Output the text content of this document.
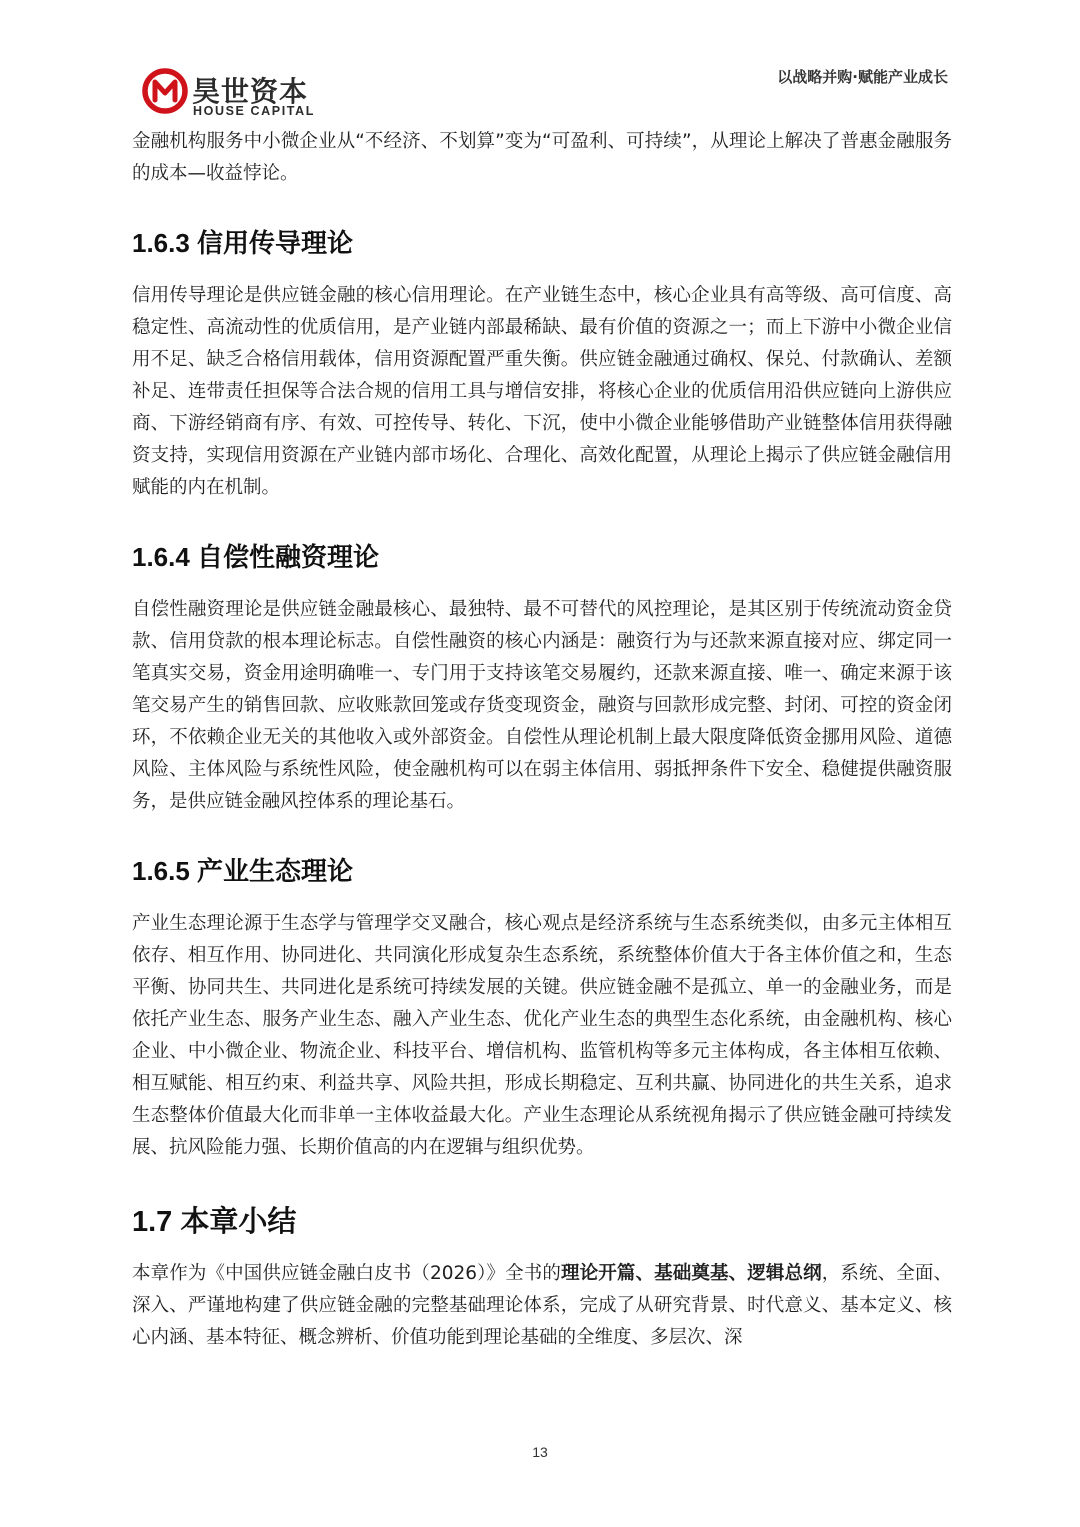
昊世资本
HOUSE CAPITAL
以战略并购·赋能产业成长

金融机构服务中小微企业从“不经济、不划算”变为“可盈利、可持续”，从理论上解决了普惠金融服务的成本—收益悖论。

1.6.3 信用传导理论

信用传导理论是供应链金融的核心信用理论。在产业链生态中，核心企业具有高等级、高可信度、高稳定性、高流动性的优质信用，是产业链内部最稀缺、最有价值的资源之一；而上下游中小微企业信用不足、缺乏合格信用载体，信用资源配置严重失衡。供应链金融通过确权、保兑、付款确认、差额补足、连带责任担保等合法合规的信用工具与增信安排，将核心企业的优质信用沿供应链向上游供应商、下游经销商有序、有效、可控传导、转化、下沉，使中小微企业能够借助产业链整体信用获得融资支持，实现信用资源在产业链内部市场化、合理化、高效化配置，从理论上揭示了供应链金融信用赋能的内在机制。

1.6.4 自偿性融资理论

自偿性融资理论是供应链金融最核心、最独特、最不可替代的风控理论，是其区别于传统流动资金贷款、信用贷款的根本理论标志。自偿性融资的核心内涵是：融资行为与还款来源直接对应、绑定同一笔真实交易，资金用途明确唯一、专门用于支持该笔交易履约，还款来源直接、唯一、确定来源于该笔交易产生的销售回款、应收账款回笼或存货变现资金，融资与回款形成完整、封闭、可控的资金闭环，不依赖企业无关的其他收入或外部资金。自偿性从理论机制上最大限度降低资金挪用风险、道德风险、主体风险与系统性风险，使金融机构可以在弱主体信用、弱抵押条件下安全、稳健提供融资服务，是供应链金融风控体系的理论基石。

1.6.5 产业生态理论

产业生态理论源于生态学与管理学交叉融合，核心观点是经济系统与生态系统类似，由多元主体相互依存、相互作用、协同进化、共同演化形成复杂生态系统，系统整体价值大于各主体价值之和，生态平衡、协同共生、共同进化是系统可持续发展的关键。供应链金融不是孤立、单一的金融业务，而是依托产业生态、服务产业生态、融入产业生态、优化产业生态的典型生态化系统，由金融机构、核心企业、中小微企业、物流企业、科技平台、增信机构、监管机构等多元主体构成，各主体相互依赖、相互赋能、相互约束、利益共享、风险共担，形成长期稳定、互利共赢、协同进化的共生关系，追求生态整体价值最大化而非单一主体收益最大化。产业生态理论从系统视角揭示了供应链金融可持续发展、抗风险能力强、长期价值高的内在逻辑与组织优势。

1.7 本章小结

本章作为《中国供应链金融白皮书（2026）》全书的理论开篇、基础奠基、逻辑总纲，系统、全面、深入、严谨地构建了供应链金融的完整基础理论体系，完成了从研究背景、时代意义、基本定义、核心内涵、基本特征、概念辨析、价值功能到理论基础的全维度、多层次、深

13
